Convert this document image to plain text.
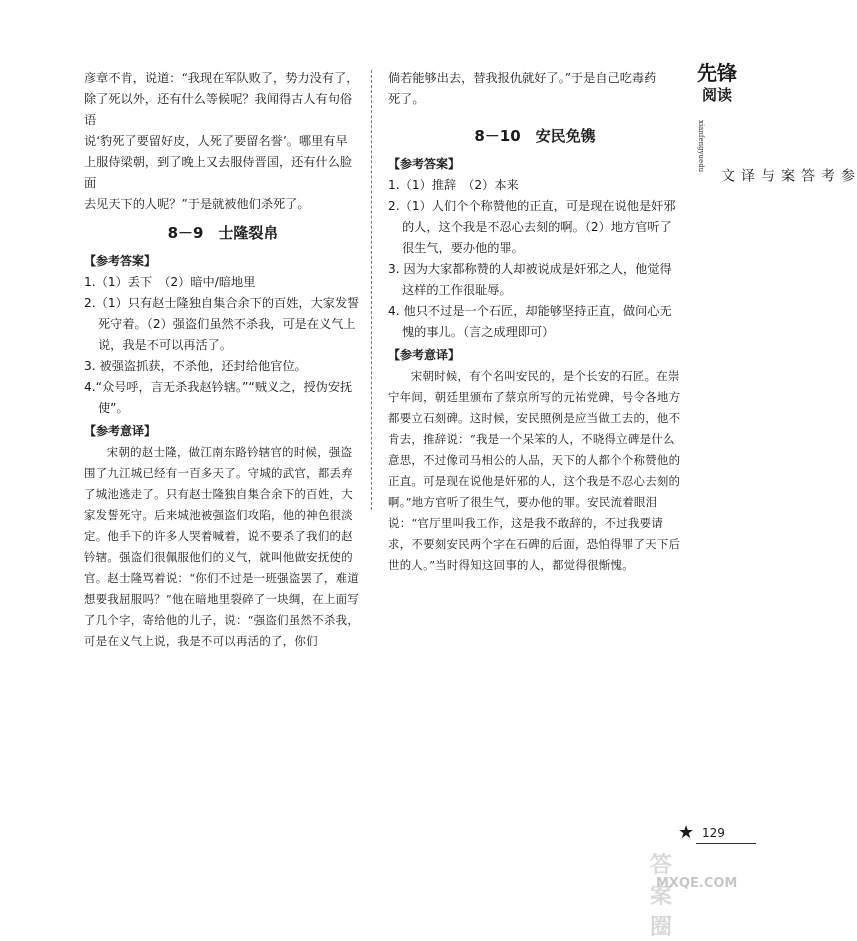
彦章不肯，说道：“我现在军队败了，势力没有了，

除了死以外，还有什么等候呢？我闻得古人有句俗语

说‘豹死了要留好皮，人死了要留名誉’。哪里有早

上服侍梁朝，到了晚上又去服侍晋国，还有什么脸面

去见天下的人呢？”于是就被他们杀死了。

8－9　士隆裂帛
【参考答案】

1.（1）丢下　（2）暗中/暗地里

2.（1）只有赵士隆独自集合余下的百姓，大家发誓死守着。（2）强盗们虽然不杀我，可是在义气上说，我是不可以再活了。

3. 被强盗抓获，不杀他，还封给他官位。

4.“众号呼，言无杀我赵钤辖。”“贼义之，授伪安抚使”。

【参考意译】

宋朝的赵士隆，做江南东路钤辖官的时候，强盗围了九江城已经有一百多天了。守城的武官，都丢弃了城池逃走了。只有赵士隆独自集合余下的百姓，大家发誓死守。后来城池被强盗们攻陷，他的神色很淡定。他手下的许多人哭着喊着，说不要杀了我们的赵钤辖。强盗们很佩服他们的义气，就叫他做安抚使的官。赵士隆骂着说：“你们不过是一班强盗罢了，难道想要我屈服吗？”他在暗地里裂碎了一块绸，在上面写了几个字，寄给他的儿子，说：“强盗们虽然不杀我，可是在义气上说，我是不可以再活的了，你们

倘若能够出去，替我报仇就好了。”于是自己吃毒药

死了。

8－10　安民免镌
【参考答案】

1.（1）推辞　（2）本来

2.（1）人们个个称赞他的正直，可是现在说他是奸邪的人，这个我是不忍心去刻的啊。（2）地方官听了很生气，要办他的罪。

3. 因为大家都称赞的人却被说成是奸邪之人，他觉得这样的工作很耻辱。

4. 他只不过是一个石匠，却能够坚持正直，做问心无愧的事儿。（言之成理即可）

【参考意译】

宋朝时候，有个名叫安民的，是个长安的石匠。在崇宁年间，朝廷里颁布了蔡京所写的元祐党碑，号令各地方都要立石刻碑。这时候，安民照例是应当做工去的，他不肯去，推辞说：“我是一个呆笨的人，不晓得立碑是什么意思，不过像司马相公的人品，天下的人都个个称赞他的正直。可是现在说他是奸邪的人，这个我是不忍心去刻的啊。”地方官听了很生气，要办他的罪。安民流着眼泪说：“官厅里叫我工作，这是我不敢辞的，不过我要请求，不要刻安民两个字在石碑的后面，恐怕得罪了天下后世的人。”当时得知这回事的人，都觉得很惭愧。

先锋
阅读
xianfengyuedu
参考答案与译文
★ 129
答案圈
MXQE.COM
